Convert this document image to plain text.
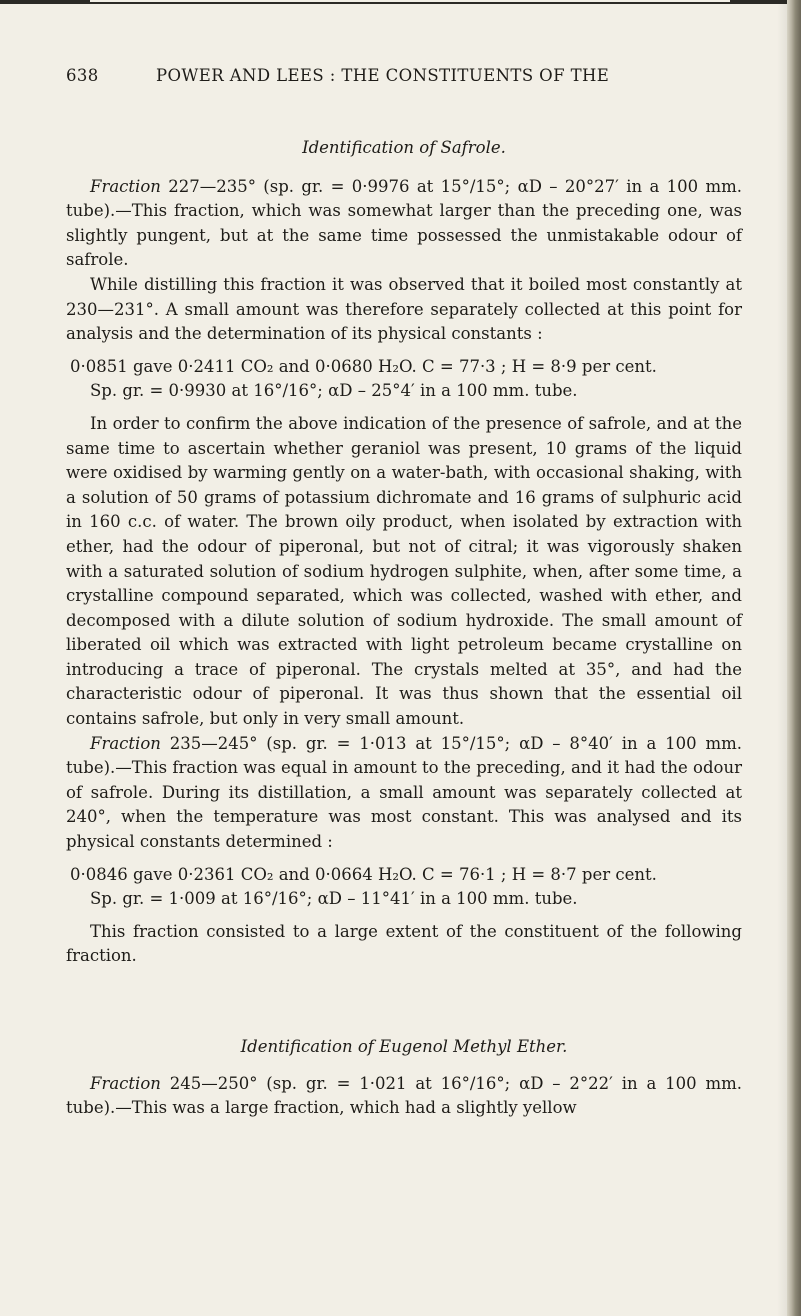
638	POWER AND LEES : THE CONSTITUENTS OF THE

Identification of Safrole.

Fraction 227—235° (sp. gr. = 0·9976 at 15°/15°; αD – 20°27′ in a 100 mm. tube).—This fraction, which was somewhat larger than the preceding one, was slightly pungent, but at the same time possessed the unmistakable odour of safrole.

While distilling this fraction it was observed that it boiled most constantly at 230—231°. A small amount was therefore separately collected at this point for analysis and the determination of its physical constants :

0·0851 gave 0·2411 CO₂ and 0·0680 H₂O. C = 77·3 ; H = 8·9 per cent.

Sp. gr. = 0·9930 at 16°/16°; αD – 25°4′ in a 100 mm. tube.

In order to confirm the above indication of the presence of safrole, and at the same time to ascertain whether geraniol was present, 10 grams of the liquid were oxidised by warming gently on a water-bath, with occasional shaking, with a solution of 50 grams of potassium dichromate and 16 grams of sulphuric acid in 160 c.c. of water. The brown oily product, when isolated by extraction with ether, had the odour of piperonal, but not of citral; it was vigorously shaken with a saturated solution of sodium hydrogen sulphite, when, after some time, a crystalline compound separated, which was collected, washed with ether, and decomposed with a dilute solution of sodium hydroxide. The small amount of liberated oil which was extracted with light petroleum became crystalline on introducing a trace of piperonal. The crystals melted at 35°, and had the characteristic odour of piperonal. It was thus shown that the essential oil contains safrole, but only in very small amount.

Fraction 235—245° (sp. gr. = 1·013 at 15°/15°; αD – 8°40′ in a 100 mm. tube).—This fraction was equal in amount to the preceding, and it had the odour of safrole. During its distillation, a small amount was separately collected at 240°, when the temperature was most constant. This was analysed and its physical constants determined :

0·0846 gave 0·2361 CO₂ and 0·0664 H₂O. C = 76·1 ; H = 8·7 per cent.

Sp. gr. = 1·009 at 16°/16°; αD – 11°41′ in a 100 mm. tube.

This fraction consisted to a large extent of the constituent of the following fraction.

Identification of Eugenol Methyl Ether.

Fraction 245—250° (sp. gr. = 1·021 at 16°/16°; αD – 2°22′ in a 100 mm. tube).—This was a large fraction, which had a slightly yellow
